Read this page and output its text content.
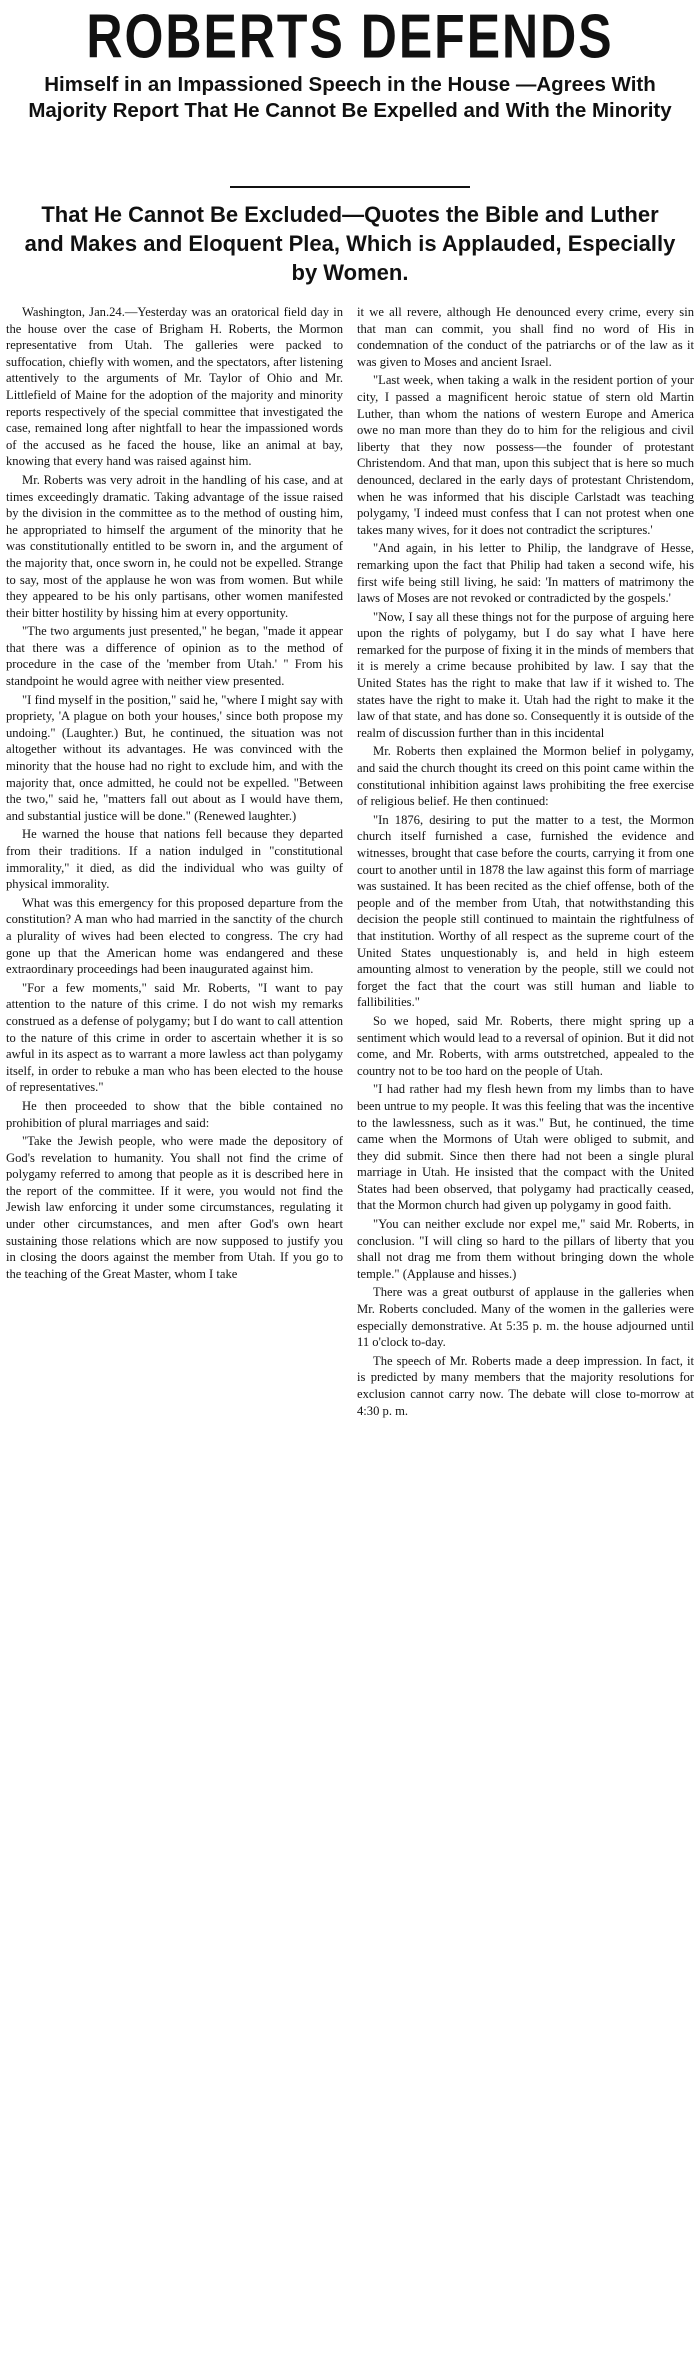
ROBERTS DEFENDS
Himself in an Impassioned Speech in the House —Agrees With Majority Report That He Cannot Be Expelled and With the Minority
That He Cannot Be Excluded—Quotes the Bible and Luther and Makes and Eloquent Plea, Which is Applauded, Especially by Women.

Washington, Jan.24.—Yesterday was an oratorical field day in the house over the case of Brigham H. Roberts, the Mormon representative from Utah. The galleries were packed to suffocation, chiefly with women, and the spectators, after listening attentively to the arguments of Mr. Taylor of Ohio and Mr. Littlefield of Maine for the adoption of the majority and minority reports respectively of the special committee that investigated the case, remained long after nightfall to hear the impassioned words of the accused as he faced the house, like an animal at bay, knowing that every hand was raised against him.

Mr. Roberts was very adroit in the handling of his case, and at times exceedingly dramatic. Taking advantage of the issue raised by the division in the committee as to the method of ousting him, he appropriated to himself the argument of the minority that he was constitutionally entitled to be sworn in, and the argument of the majority that, once sworn in, he could not be expelled. Strange to say, most of the applause he won was from women. But while they appeared to be his only partisans, other women manifested their bitter hostility by hissing him at every opportunity.

"The two arguments just presented," he began, "made it appear that there was a difference of opinion as to the method of procedure in the case of the 'member from Utah.' " From his standpoint he would agree with neither view presented.

"I find myself in the position," said he, "where I might say with propriety, 'A plague on both your houses,' since both propose my undoing." (Laughter.) But, he continued, the situation was not altogether without its advantages. He was convinced with the minority that the house had no right to exclude him, and with the majority that, once admitted, he could not be expelled. "Between the two," said he, "matters fall out about as I would have them, and substantial justice will be done." (Renewed laughter.)

He warned the house that nations fell because they departed from their traditions. If a nation indulged in "constitutional immorality," it died, as did the individual who was guilty of physical immorality.

What was this emergency for this proposed departure from the constitution? A man who had married in the sanctity of the church a plurality of wives had been elected to congress. The cry had gone up that the American home was endangered and these extraordinary proceedings had been inaugurated against him.

"For a few moments," said Mr. Roberts, "I want to pay attention to the nature of this crime. I do not wish my remarks construed as a defense of polygamy; but I do want to call attention to the nature of this crime in order to ascertain whether it is so awful in its aspect as to warrant a more lawless act than polygamy itself, in order to rebuke a man who has been elected to the house of representatives."

He then proceeded to show that the bible contained no prohibition of plural marriages and said:

"Take the Jewish people, who were made the depository of God's revelation to humanity. You shall not find the crime of polygamy referred to among that people as it is described here in the report of the committee. If it were, you would not find the Jewish law enforcing it under some circumstances, regulating it under other circumstances, and men after God's own heart sustaining those relations which are now supposed to justify you in closing the doors against the member from Utah. If you go to the teaching of the Great Master, whom I take

it we all revere, although He denounced every crime, every sin that man can commit, you shall find no word of His in condemnation of the conduct of the patriarchs or of the law as it was given to Moses and ancient Israel.

"Last week, when taking a walk in the resident portion of your city, I passed a magnificent heroic statue of stern old Martin Luther, than whom the nations of western Europe and America owe no man more than they do to him for the religious and civil liberty that they now possess—the founder of protestant Christendom. And that man, upon this subject that is here so much denounced, declared in the early days of protestant Christendom, when he was informed that his disciple Carlstadt was teaching polygamy, 'I indeed must confess that I can not protest when one takes many wives, for it does not contradict the scriptures.'

"And again, in his letter to Philip, the landgrave of Hesse, remarking upon the fact that Philip had taken a second wife, his first wife being still living, he said: 'In matters of matrimony the laws of Moses are not revoked or contradicted by the gospels.'

"Now, I say all these things not for the purpose of arguing here upon the rights of polygamy, but I do say what I have here remarked for the purpose of fixing it in the minds of members that it is merely a crime because prohibited by law. I say that the United States has the right to make that law if it wished to. The states have the right to make it. Utah had the right to make it the law of that state, and has done so. Consequently it is outside of the realm of discussion further than in this incidental

Mr. Roberts then explained the Mormon belief in polygamy, and said the church thought its creed on this point came within the constitutional inhibition against laws prohibiting the free exercise of religious belief. He then continued:

"In 1876, desiring to put the matter to a test, the Mormon church itself furnished a case, furnished the evidence and witnesses, brought that case before the courts, carrying it from one court to another until in 1878 the law against this form of marriage was sustained. It has been recited as the chief offense, both of the people and of the member from Utah, that notwithstanding this decision the people still continued to maintain the rightfulness of that institution. Worthy of all respect as the supreme court of the United States unquestionably is, and held in high esteem amounting almost to veneration by the people, still we could not forget the fact that the court was still human and liable to fallibilities."

So we hoped, said Mr. Roberts, there might spring up a sentiment which would lead to a reversal of opinion. But it did not come, and Mr. Roberts, with arms outstretched, appealed to the country not to be too hard on the people of Utah.

"I had rather had my flesh hewn from my limbs than to have been untrue to my people. It was this feeling that was the incentive to the lawlessness, such as it was." But, he continued, the time came when the Mormons of Utah were obliged to submit, and they did submit. Since then there had not been a single plural marriage in Utah. He insisted that the compact with the United States had been observed, that polygamy had practically ceased, that the Mormon church had given up polygamy in good faith.

"You can neither exclude nor expel me," said Mr. Roberts, in conclusion. "I will cling so hard to the pillars of liberty that you shall not drag me from them without bringing down the whole temple." (Applause and hisses.)

There was a great outburst of applause in the galleries when Mr. Roberts concluded. Many of the women in the galleries were especially demonstrative. At 5:35 p. m. the house adjourned until 11 o'clock to-day.

The speech of Mr. Roberts made a deep impression. In fact, it is predicted by many members that the majority resolutions for exclusion cannot carry now. The debate will close to-morrow at 4:30 p. m.
